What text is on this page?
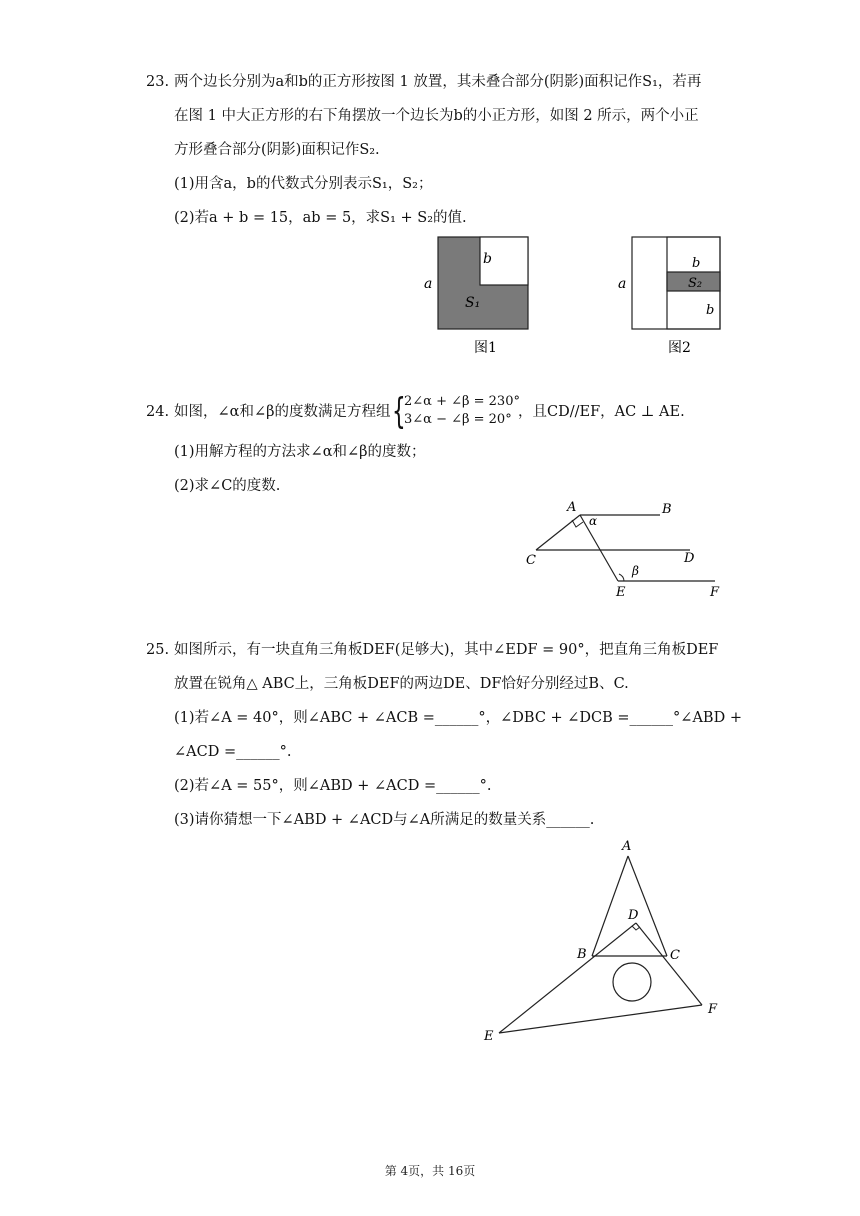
23. 两个边长分别为a和b的正方形按图 1 放置，其未叠合部分(阴影)面积记作S₁，若再
在图 1 中大正方形的右下角摆放一个边长为b的小正方形，如图 2 所示，两个小正
方形叠合部分(阴影)面积记作S₂.
(1)用含a，b的代数式分别表示S₁，S₂；
(2)若a + b = 15，ab = 5，求S₁ + S₂的值.
a
b
S₁
图1
a
b
S₂
b
图2
24. 如图，∠α和∠β的度数满足方程组 {
2∠α + ∠β = 230°
3∠α − ∠β = 20° ，且CD//EF，AC ⊥ AE.
(1)用解方程的方法求∠α和∠β的度数；
(2)求∠C的度数.
A	B
C	D
E	F
α
β
25. 如图所示，有一块直角三角板DEF(足够大)，其中∠EDF = 90°，把直角三角板DEF
放置在锐角△ ABC上，三角板DEF的两边DE、DF恰好分别经过B、C.
(1)若∠A = 40°，则∠ABC + ∠ACB =______°，∠DBC + ∠DCB =______°∠ABD +
∠ACD =______°.
(2)若∠A = 55°，则∠ABD + ∠ACD =______°.
(3)请你猜想一下∠ABD + ∠ACD与∠A所满足的数量关系______.
A
B	C
D
E
F
第 4页，共 16页
